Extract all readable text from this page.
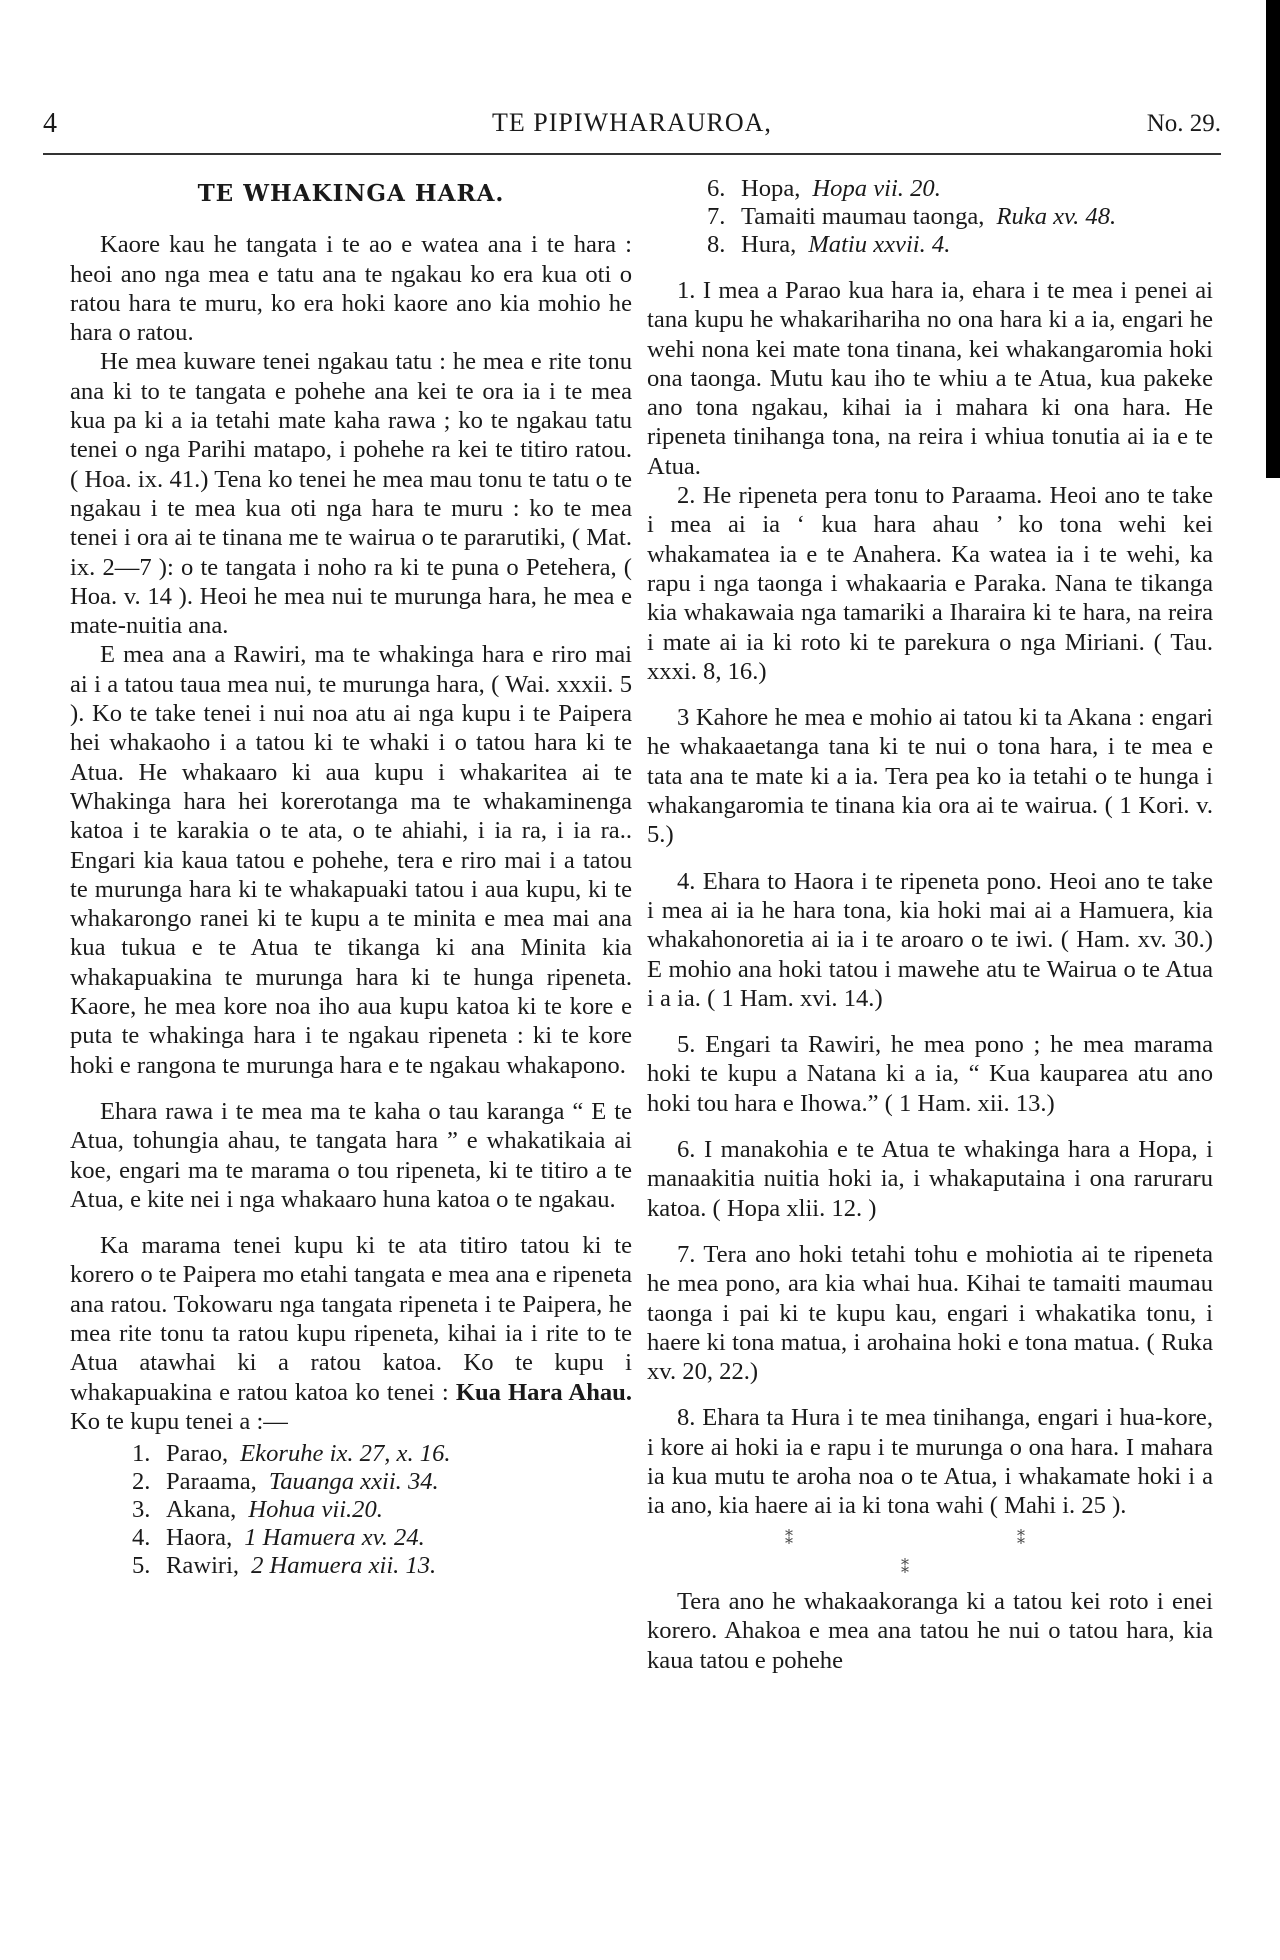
4	TE PIPIWHARAUROA,	No. 29.
TE WHAKINGA HARA.

Kaore kau he tangata i te ao e watea ana i te hara : heoi ano nga mea e tatu ana te ngakau ko era kua oti o ratou hara te muru, ko era hoki kaore ano kia mohio he hara o ratou.

He mea kuware tenei ngakau tatu : he mea e rite tonu ana ki to te tangata e pohehe ana kei te ora ia i te mea kua pa ki a ia tetahi mate kaha rawa ; ko te ngakau tatu tenei o nga Parihi matapo, i pohehe ra kei te titiro ratou. ( Hoa. ix. 41.) Tena ko tenei he mea mau tonu te tatu o te ngakau i te mea kua oti nga hara te muru : ko te mea tenei i ora ai te tinana me te wairua o te pararutiki, ( Mat. ix. 2—7 ): o te tangata i noho ra ki te puna o Petehera, ( Hoa. v. 14 ). Heoi he mea nui te murunga hara, he mea e mate-nuitia ana.

E mea ana a Rawiri, ma te whakinga hara e riro mai ai i a tatou taua mea nui, te murunga hara, ( Wai. xxxii. 5 ). Ko te take tenei i nui noa atu ai nga kupu i te Paipera hei whakaoho i a tatou ki te whaki i o tatou hara ki te Atua. He whakaaro ki aua kupu i whakaritea ai te Whakinga hara hei korerotanga ma te whakaminenga katoa i te karakia o te ata, o te ahiahi, i ia ra, i ia ra.. Engari kia kaua tatou e pohehe, tera e riro mai i a tatou te murunga hara ki te whakapuaki tatou i aua kupu, ki te whakarongo ranei ki te kupu a te minita e mea mai ana kua tukua e te Atua te tikanga ki ana Minita kia whakapuakina te murunga hara ki te hunga ripeneta. Kaore, he mea kore noa iho aua kupu katoa ki te kore e puta te whakinga hara i te ngakau ripeneta : ki te kore hoki e rangona te murunga hara e te ngakau whakapono.

Ehara rawa i te mea ma te kaha o tau karanga “ E te Atua, tohungia ahau, te tangata hara ” e whakatikaia ai koe, engari ma te marama o tou ripeneta, ki te titiro a te Atua, e kite nei i nga whakaaro huna katoa o te ngakau.

Ka marama tenei kupu ki te ata titiro tatou ki te korero o te Paipera mo etahi tangata e mea ana e ripeneta ana ratou. Tokowaru nga tangata ripeneta i te Paipera, he mea rite tonu ta ratou kupu ripeneta, kihai ia i rite to te Atua atawhai ki a ratou katoa. Ko te kupu i whakapuakina e ratou katoa ko tenei : Kua Hara Ahau. Ko te kupu tenei a :—

1. Parao, Ekoruhe ix. 27, x. 16.
2. Paraama, Tauanga xxii. 34.
3. Akana, Hohua vii.20.
4. Haora, 1 Hamuera xv. 24.
5. Rawiri, 2 Hamuera xii. 13.
6. Hopa, Hopa vii. 20.
7. Tamaiti maumau taonga, Ruka xv. 48.
8. Hura, Matiu xxvii. 4.

1. I mea a Parao kua hara ia, ehara i te mea i penei ai tana kupu he whakarihariha no ona hara ki a ia, engari he wehi nona kei mate tona tinana, kei whakangaromia hoki ona taonga. Mutu kau iho te whiu a te Atua, kua pakeke ano tona ngakau, kihai ia i mahara ki ona hara. He ripeneta tinihanga tona, na reira i whiua tonutia ai ia e te Atua.

2. He ripeneta pera tonu to Paraama. Heoi ano te take i mea ai ia ‘ kua hara ahau ’ ko tona wehi kei whakamatea ia e te Anahera. Ka watea ia i te wehi, ka rapu i nga taonga i whakaaria e Paraka. Nana te tikanga kia whakawaia nga tamariki a Iharaira ki te hara, na reira i mate ai ia ki roto ki te parekura o nga Miriani. ( Tau. xxxi. 8, 16.)

3 Kahore he mea e mohio ai tatou ki ta Akana : engari he whakaaetanga tana ki te nui o tona hara, i te mea e tata ana te mate ki a ia. Tera pea ko ia tetahi o te hunga i whakangaromia te tinana kia ora ai te wairua. ( 1 Kori. v. 5.)

4. Ehara to Haora i te ripeneta pono. Heoi ano te take i mea ai ia he hara tona, kia hoki mai ai a Hamuera, kia whakahonoretia ai ia i te aroaro o te iwi. ( Ham. xv. 30.) E mohio ana hoki tatou i mawehe atu te Wairua o te Atua i a ia. ( 1 Ham. xvi. 14.)

5. Engari ta Rawiri, he mea pono ; he mea marama hoki te kupu a Natana ki a ia, “ Kua kauparea atu ano hoki tou hara e Ihowa.” ( 1 Ham. xii. 13.)

6. I manakohia e te Atua te whakinga hara a Hopa, i manaakitia nuitia hoki ia, i whakaputaina i ona raruraru katoa. ( Hopa xlii. 12. )

7. Tera ano hoki tetahi tohu e mohiotia ai te ripeneta he mea pono, ara kia whai hua. Kihai te tamaiti maumau taonga i pai ki te kupu kau, engari i whakatika tonu, i haere ki tona matua, i arohaina hoki e tona matua. ( Ruka xv. 20, 22.)

8. Ehara ta Hura i te mea tinihanga, engari i hua-kore, i kore ai hoki ia e rapu i te murunga o ona hara. I mahara ia kua mutu te aroha noa o te Atua, i whakamate hoki i a ia ano, kia haere ai ia ki tona wahi ( Mahi i. 25 ).

⁑ ⁑ ⁑

Tera ano he whakaakoranga ki a tatou kei roto i enei korero. Ahakoa e mea ana tatou he nui o tatou hara, kia kaua tatou e pohehe
